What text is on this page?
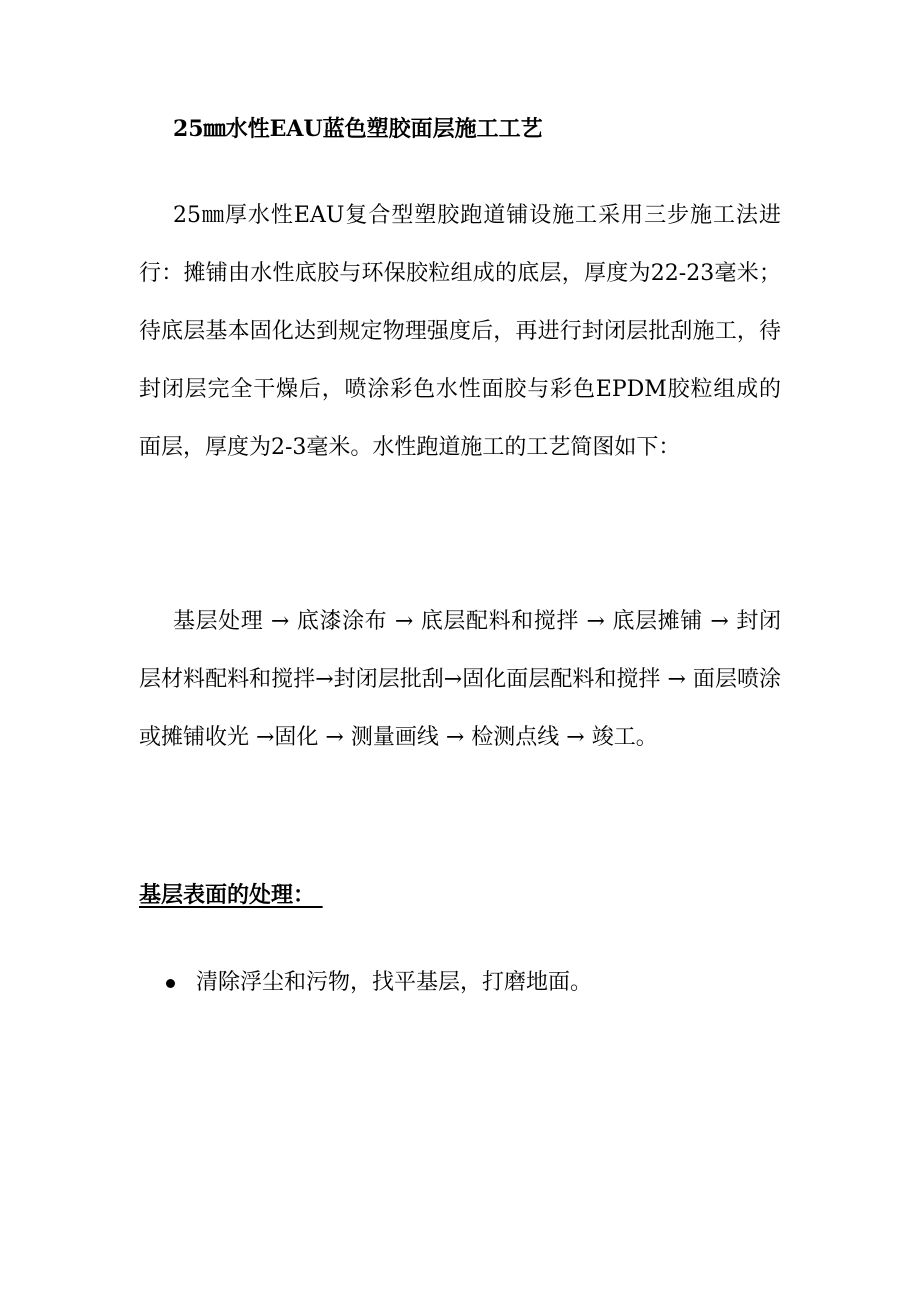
25㎜水性EAU蓝色塑胶面层施工工艺

25㎜厚水性EAU复合型塑胶跑道铺设施工采用三步施工法进行：摊铺由水性底胶与环保胶粒组成的底层，厚度为22-23毫米；待底层基本固化达到规定物理强度后，再进行封闭层批刮施工，待封闭层完全干燥后，喷涂彩色水性面胶与彩色EPDM胶粒组成的面层，厚度为2-3毫米。水性跑道施工的工艺简图如下：

基层处理 → 底漆涂布 → 底层配料和搅拌 → 底层摊铺 → 封闭层材料配料和搅拌→封闭层批刮→固化面层配料和搅拌 → 面层喷涂或摊铺收光 →固化 → 测量画线 → 检测点线 → 竣工。

基层表面的处理：
清除浮尘和污物，找平基层，打磨地面。
